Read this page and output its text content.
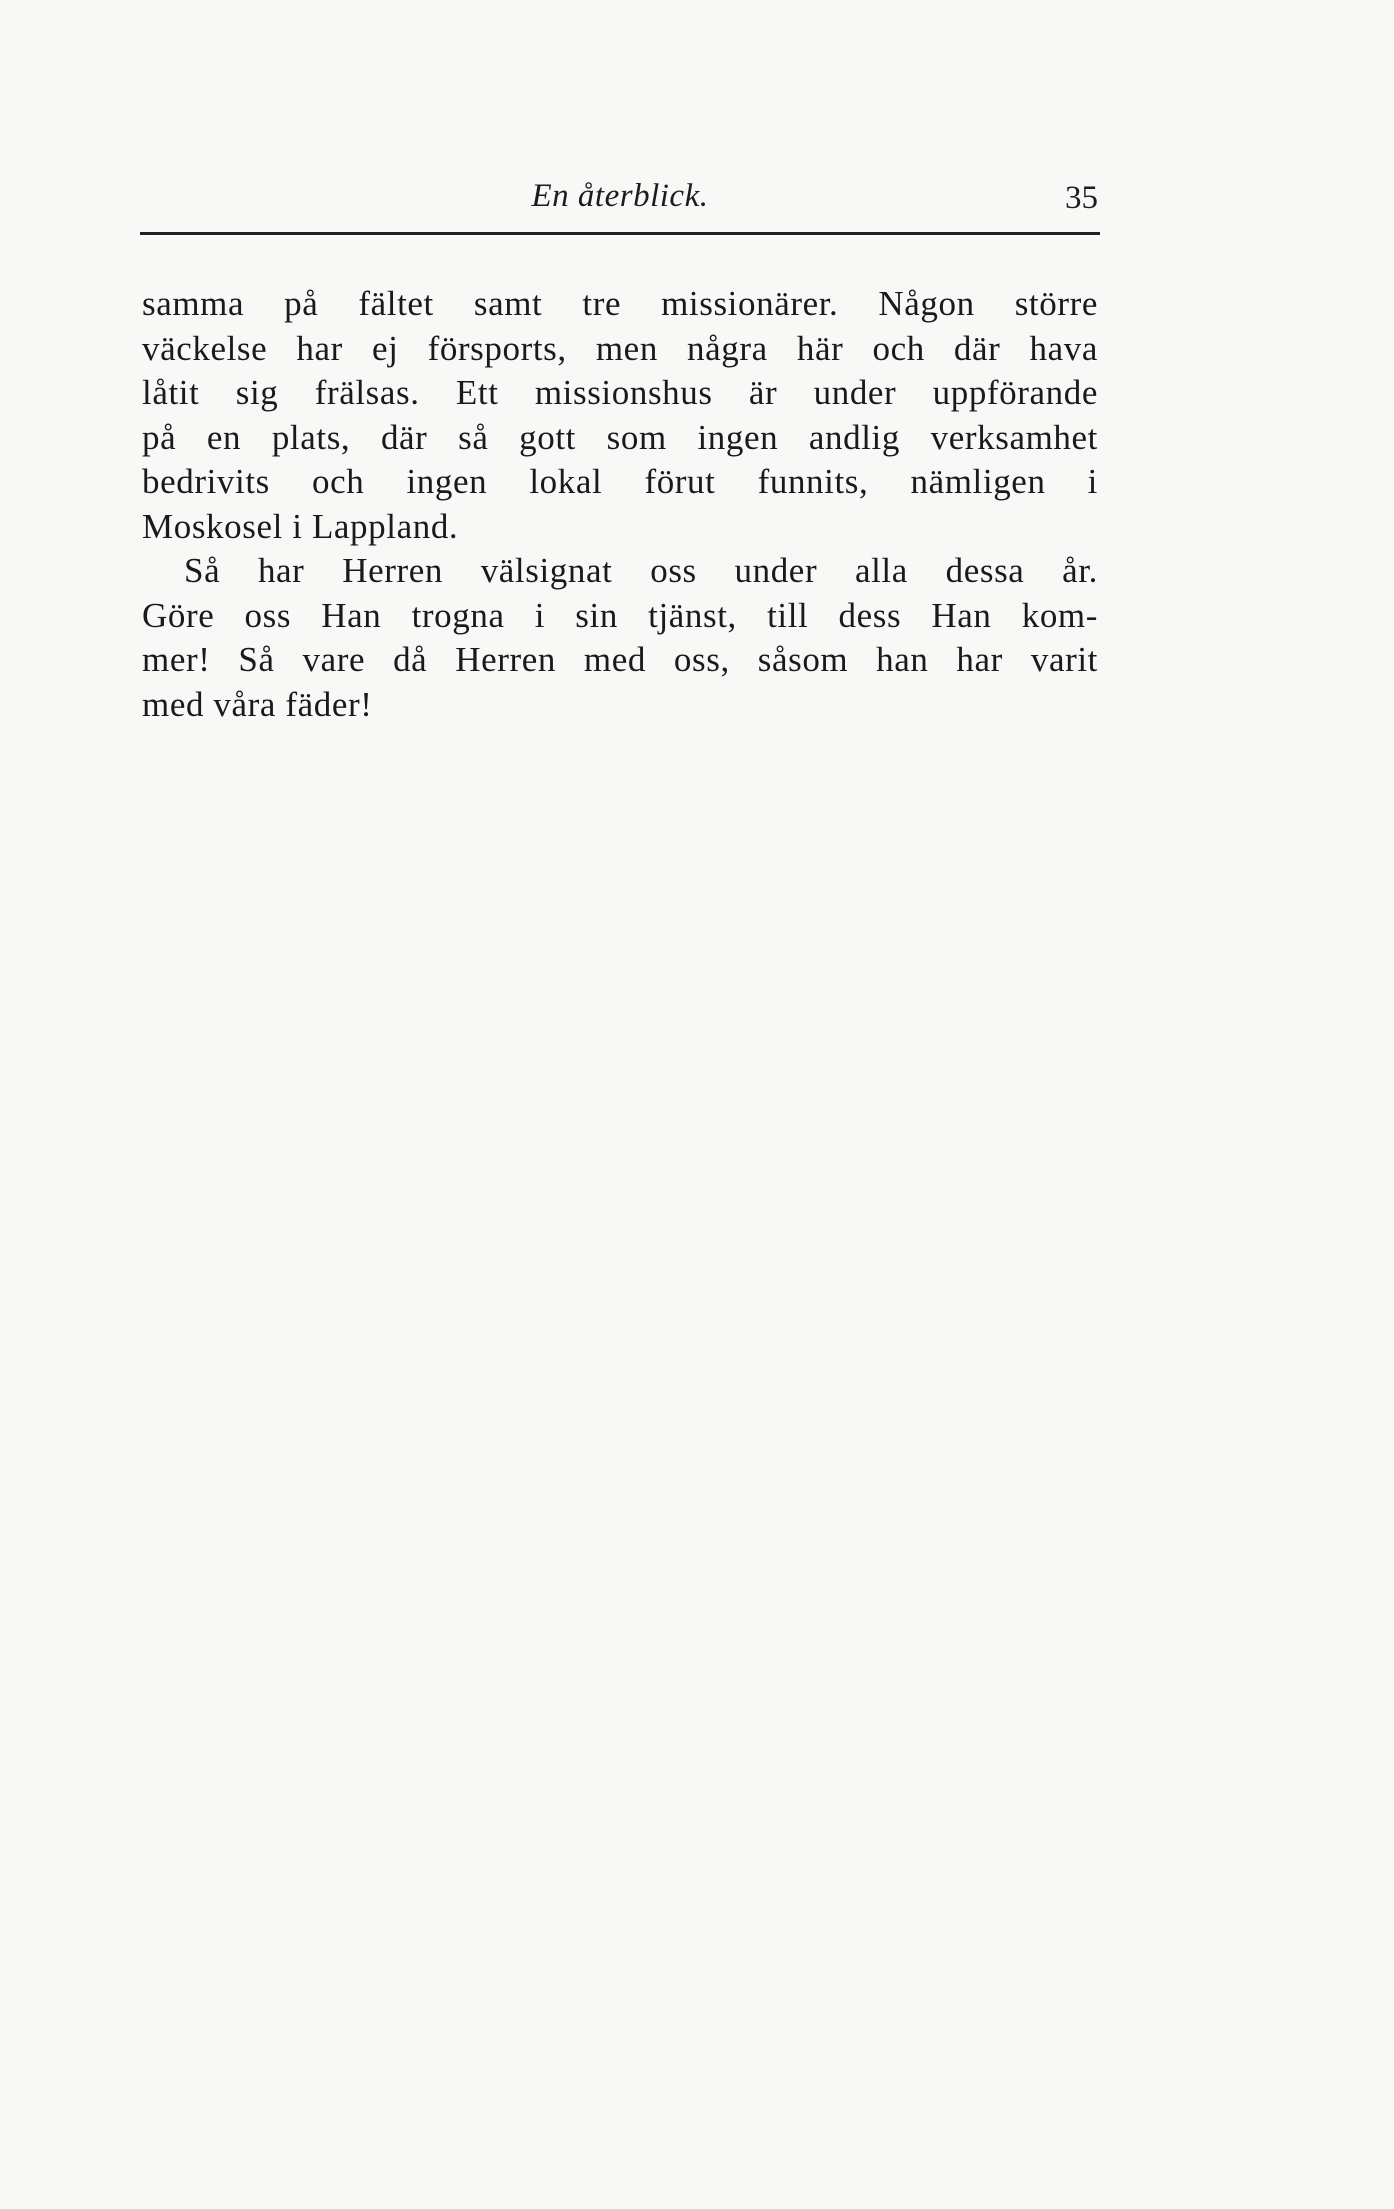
En återblick.	35
samma på fältet samt tre missionärer. Någon större
väckelse har ej försports, men några här och där hava
låtit sig frälsas. Ett missionshus är under uppförande
på en plats, där så gott som ingen andlig verksamhet
bedrivits och ingen lokal förut funnits, nämligen i
Moskosel i Lappland.
Så har Herren välsignat oss under alla dessa år.
Göre oss Han trogna i sin tjänst, till dess Han kom-
mer! Så vare då Herren med oss, såsom han har varit
med våra fäder!
